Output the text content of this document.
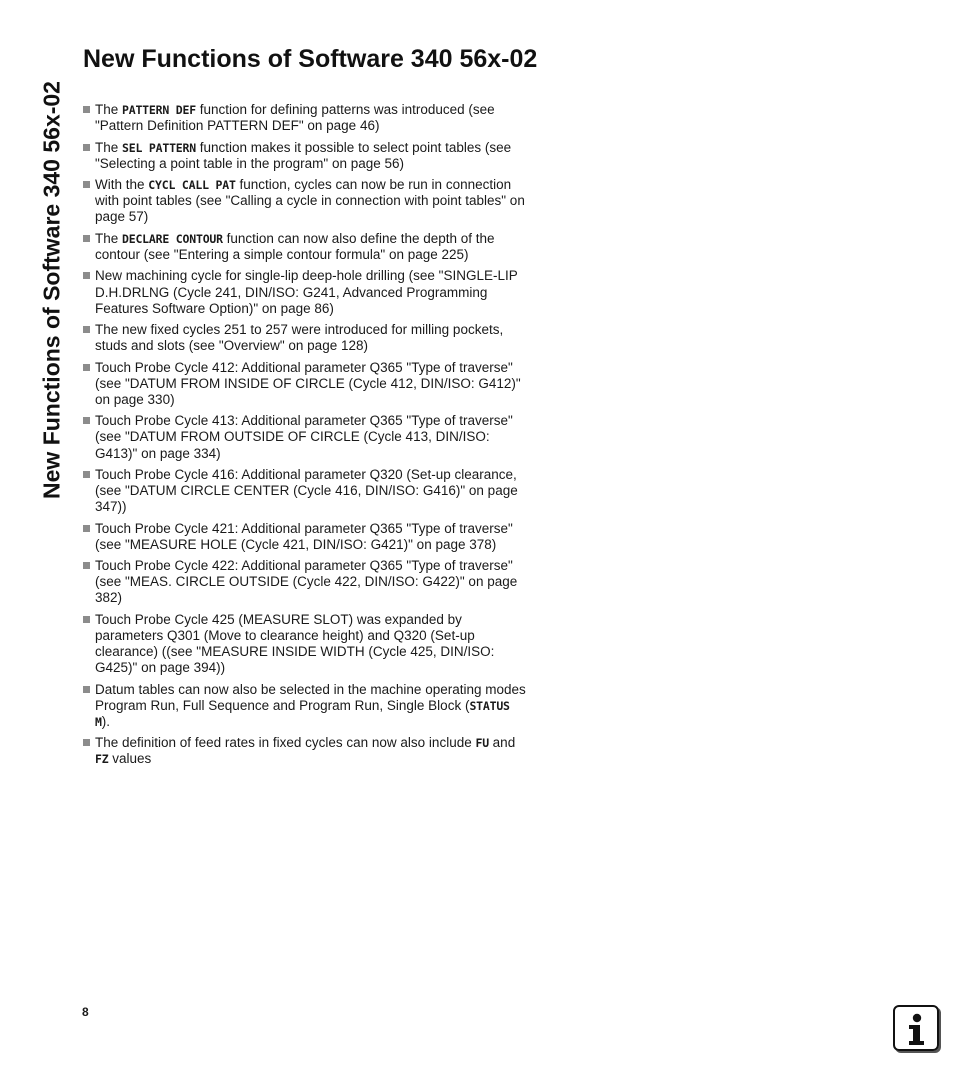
New Functions of Software 340 56x-02
New Functions of Software 340 56x-02
The PATTERN DEF function for defining patterns was introduced (see "Pattern Definition PATTERN DEF" on page 46)
The SEL PATTERN function makes it possible to select point tables (see "Selecting a point table in the program" on page 56)
With the CYCL CALL PAT function, cycles can now be run in connection with point tables (see "Calling a cycle in connection with point tables" on page 57)
The DECLARE CONTOUR function can now also define the depth of the contour (see "Entering a simple contour formula" on page 225)
New machining cycle for single-lip deep-hole drilling (see "SINGLE-LIP D.H.DRLNG (Cycle 241, DIN/ISO: G241, Advanced Programming Features Software Option)" on page 86)
The new fixed cycles 251 to 257 were introduced for milling pockets, studs and slots (see "Overview" on page 128)
Touch Probe Cycle 412: Additional parameter Q365 "Type of traverse" (see "DATUM FROM INSIDE OF CIRCLE (Cycle 412, DIN/ISO: G412)" on page 330)
Touch Probe Cycle 413: Additional parameter Q365 "Type of traverse" (see "DATUM FROM OUTSIDE OF CIRCLE (Cycle 413, DIN/ISO: G413)" on page 334)
Touch Probe Cycle 416: Additional parameter Q320 (Set-up clearance, (see "DATUM CIRCLE CENTER (Cycle 416, DIN/ISO: G416)" on page 347))
Touch Probe Cycle 421: Additional parameter Q365 "Type of traverse" (see "MEASURE HOLE (Cycle 421, DIN/ISO: G421)" on page 378)
Touch Probe Cycle 422: Additional parameter Q365 "Type of traverse" (see "MEAS. CIRCLE OUTSIDE (Cycle 422, DIN/ISO: G422)" on page 382)
Touch Probe Cycle 425 (MEASURE SLOT) was expanded by parameters Q301 (Move to clearance height) and Q320 (Set-up clearance) ((see "MEASURE INSIDE WIDTH (Cycle 425, DIN/ISO: G425)" on page 394))
Datum tables can now also be selected in the machine operating modes Program Run, Full Sequence and Program Run, Single Block (STATUS M).
The definition of feed rates in fixed cycles can now also include FU and FZ values
8
